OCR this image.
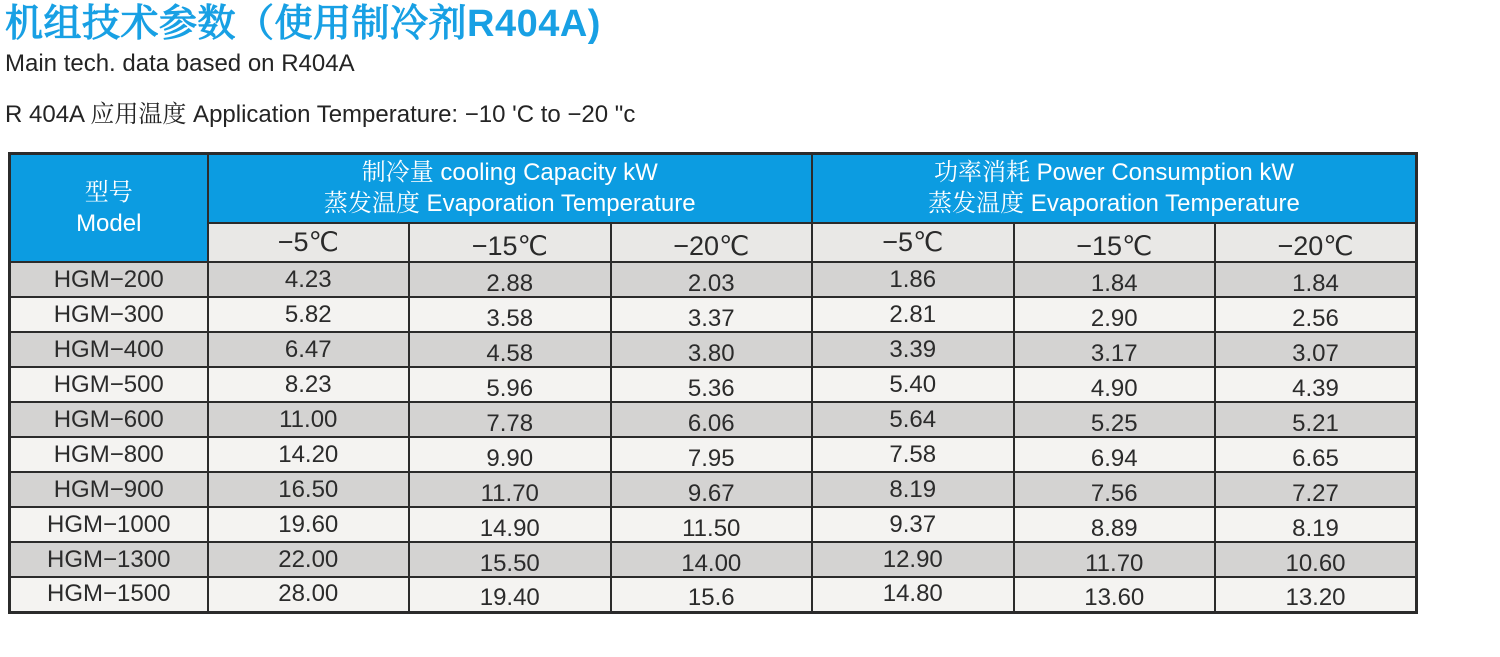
机组技术参数（使用制冷剂R404A)
Main tech. data based on R404A
R 404A 应用温度 Application Temperature: −10 'C to −20 "c
型号
Model	制冷量 cooling Capacity kW
蒸发温度 Evaporation Temperature			功率消耗 Power Consumption kW
蒸发温度 Evaporation Temperature		

	−5℃	−15℃	−20℃	−5℃	−15℃	−20℃
HGM−200	4.23	2.88	2.03	1.86	1.84	1.84
HGM−300	5.82	3.58	3.37	2.81	2.90	2.56
HGM−400	6.47	4.58	3.80	3.39	3.17	3.07
HGM−500	8.23	5.96	5.36	5.40	4.90	4.39
HGM−600	11.00	7.78	6.06	5.64	5.25	5.21
HGM−800	14.20	9.90	7.95	7.58	6.94	6.65
HGM−900	16.50	11.70	9.67	8.19	7.56	7.27
HGM−1000	19.60	14.90	11.50	9.37	8.89	8.19
HGM−1300	22.00	15.50	14.00	12.90	11.70	10.60
HGM−1500	28.00	19.40	15.6	14.80	13.60	13.20
